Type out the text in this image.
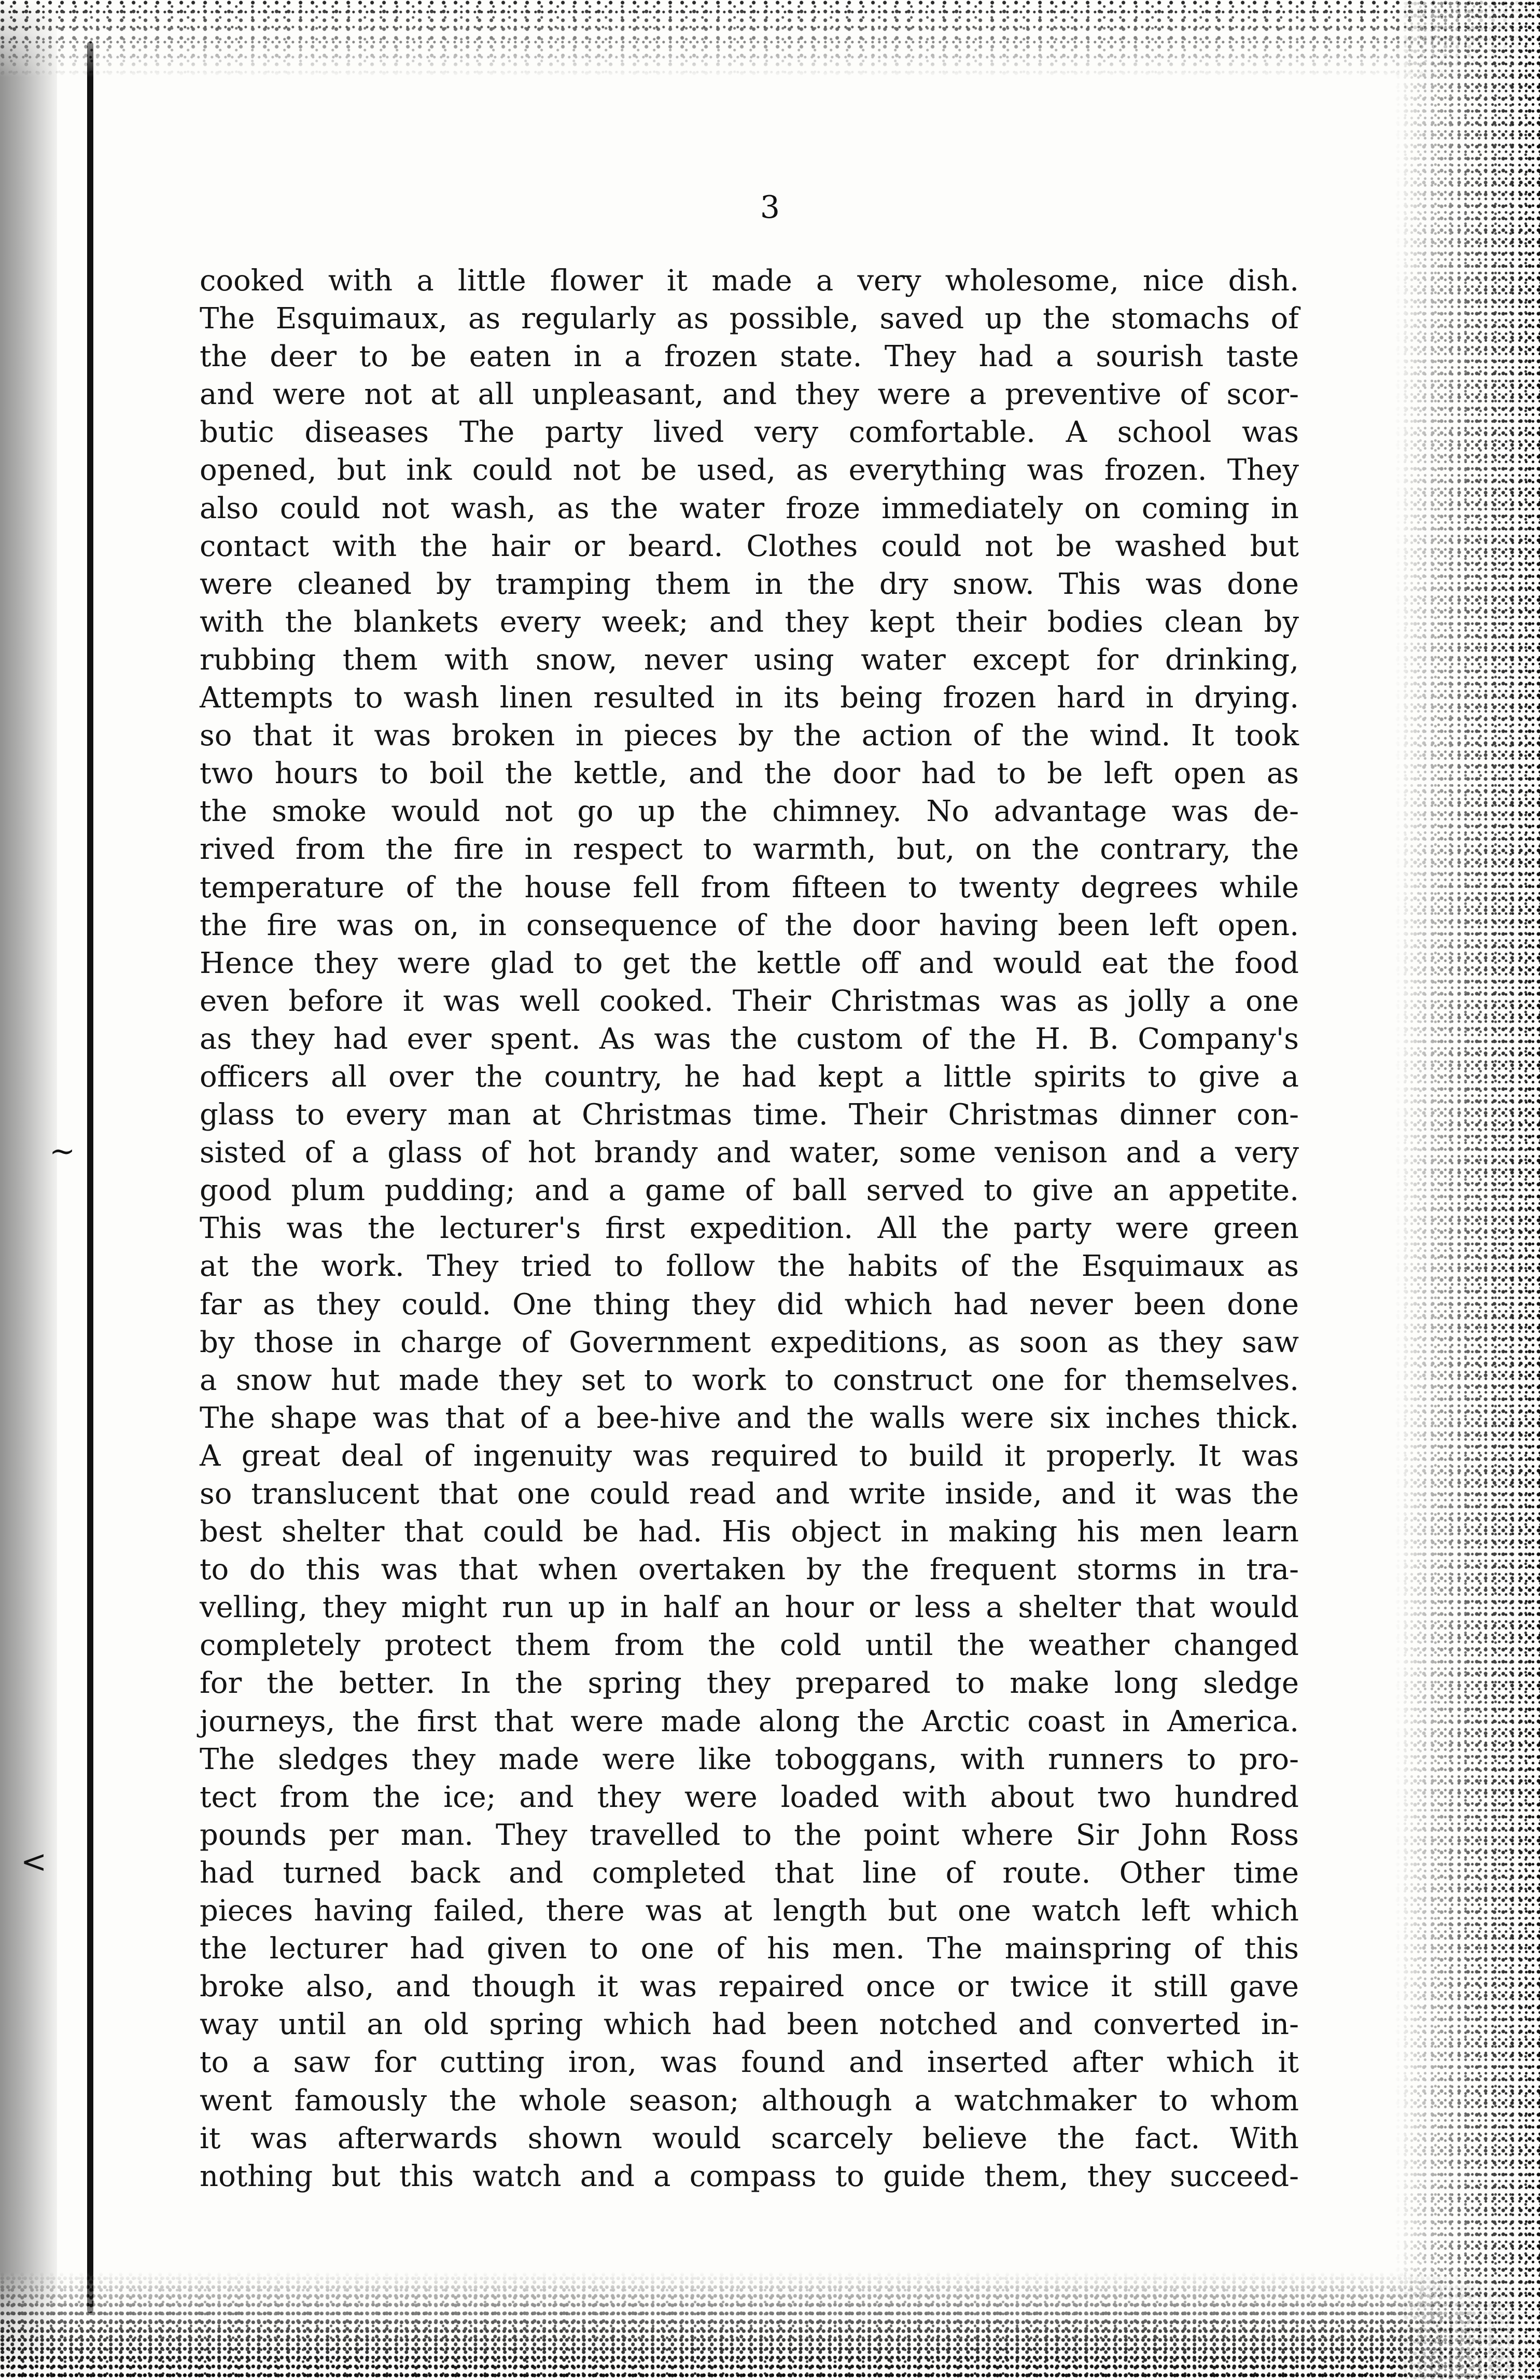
~
<
3
cooked with a little flower it made a very wholesome, nice dish.
The Esquimaux, as regularly as possible, saved up the stomachs of
the deer to be eaten in a frozen state. They had a sourish taste
and were not at all unpleasant, and they were a preventive of scor-
butic diseases The party lived very comfortable. A school was
opened, but ink could not be used, as everything was frozen. They
also could not wash, as the water froze immediately on coming in
contact with the hair or beard. Clothes could not be washed but
were cleaned by tramping them in the dry snow. This was done
with the blankets every week; and they kept their bodies clean by
rubbing them with snow, never using water except for drinking,
Attempts to wash linen resulted in its being frozen hard in drying.
so that it was broken in pieces by the action of the wind. It took
two hours to boil the kettle, and the door had to be left open as
the smoke would not go up the chimney. No advantage was de-
rived from the fire in respect to warmth, but, on the contrary, the
temperature of the house fell from fifteen to twenty degrees while
the fire was on, in consequence of the door having been left open.
Hence they were glad to get the kettle off and would eat the food
even before it was well cooked. Their Christmas was as jolly a one
as they had ever spent. As was the custom of the H. B. Company's
officers all over the country, he had kept a little spirits to give a
glass to every man at Christmas time. Their Christmas dinner con-
sisted of a glass of hot brandy and water, some venison and a very
good plum pudding; and a game of ball served to give an appetite.
This was the lecturer's first expedition. All the party were green
at the work. They tried to follow the habits of the Esquimaux as
far as they could. One thing they did which had never been done
by those in charge of Government expeditions, as soon as they saw
a snow hut made they set to work to construct one for themselves.
The shape was that of a bee-hive and the walls were six inches thick.
A great deal of ingenuity was required to build it properly. It was
so translucent that one could read and write inside, and it was the
best shelter that could be had. His object in making his men learn
to do this was that when overtaken by the frequent storms in tra-
velling, they might run up in half an hour or less a shelter that would
completely protect them from the cold until the weather changed
for the better. In the spring they prepared to make long sledge
journeys, the first that were made along the Arctic coast in America.
The sledges they made were like toboggans, with runners to pro-
tect from the ice; and they were loaded with about two hundred
pounds per man. They travelled to the point where Sir John Ross
had turned back and completed that line of route. Other time
pieces having failed, there was at length but one watch left which
the lecturer had given to one of his men. The mainspring of this
broke also, and though it was repaired once or twice it still gave
way until an old spring which had been notched and converted in-
to a saw for cutting iron, was found and inserted after which it
went famously the whole season; although a watchmaker to whom
it was afterwards shown would scarcely believe the fact. With
nothing but this watch and a compass to guide them, they succeed-
